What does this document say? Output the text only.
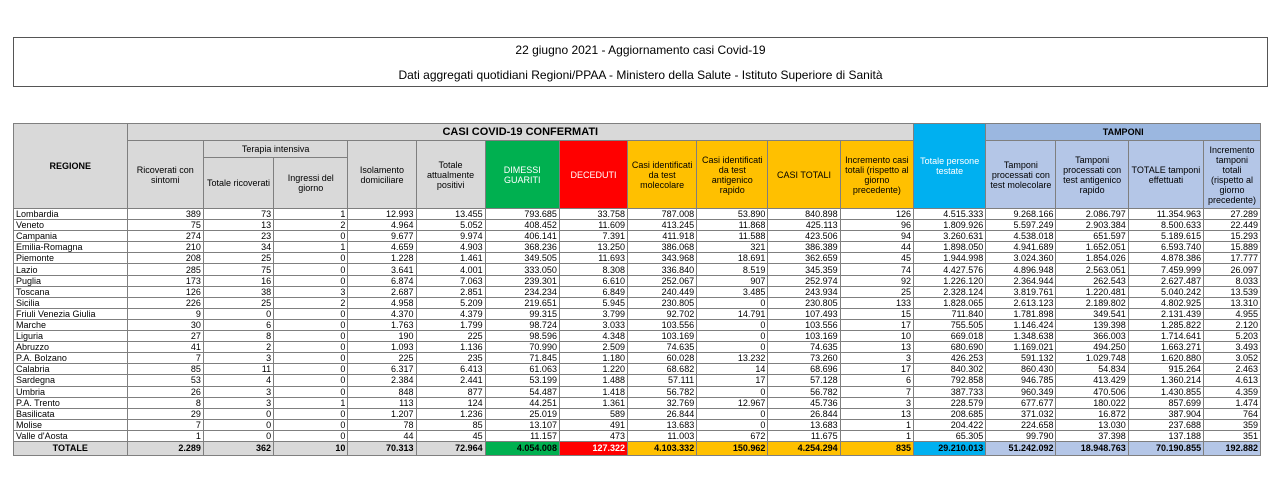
22 giugno 2021 - Aggiornamento casi Covid-19
Dati aggregati quotidiani Regioni/PPAA - Ministero della Salute - Istituto Superiore di Sanità
REGIONE	CASI COVID-19 CONFERMATI											Totale persone testate	TAMPONI			
	Ricoverati con sintomi	Terapia intensiva		Isolamento domiciliare	Totale attualmente positivi	DIMESSI GUARITI	DECEDUTI	Casi identificati da test molecolare	Casi identificati da test antigenico rapido	CASI TOTALI	Incremento casi totali (rispetto al giorno precedente)		Tamponi processati con test molecolare	Tamponi processati con test antigenico rapido	TOTALE tamponi effettuati	Incremento tamponi totali (rispetto al giorno precedente)
		Totale ricoverati	Ingressi del giorno													
Lombardia	389	73	1	12.993	13.455	793.685	33.758	787.008	53.890	840.898	126	4.515.333	9.268.166	2.086.797	11.354.963	27.289
Veneto	75	13	2	4.964	5.052	408.452	11.609	413.245	11.868	425.113	96	1.809.926	5.597.249	2.903.384	8.500.633	22.449
Campania	274	23	0	9.677	9.974	406.141	7.391	411.918	11.588	423.506	94	3.260.631	4.538.018	651.597	5.189.615	15.293
Emilia-Romagna	210	34	1	4.659	4.903	368.236	13.250	386.068	321	386.389	44	1.898.050	4.941.689	1.652.051	6.593.740	15.889
Piemonte	208	25	0	1.228	1.461	349.505	11.693	343.968	18.691	362.659	45	1.944.998	3.024.360	1.854.026	4.878.386	17.777
Lazio	285	75	0	3.641	4.001	333.050	8.308	336.840	8.519	345.359	74	4.427.576	4.896.948	2.563.051	7.459.999	26.097
Puglia	173	16	0	6.874	7.063	239.301	6.610	252.067	907	252.974	92	1.226.120	2.364.944	262.543	2.627.487	8.033
Toscana	126	38	3	2.687	2.851	234.234	6.849	240.449	3.485	243.934	25	2.328.124	3.819.761	1.220.481	5.040.242	13.539
Sicilia	226	25	2	4.958	5.209	219.651	5.945	230.805	0	230.805	133	1.828.065	2.613.123	2.189.802	4.802.925	13.310
Friuli Venezia Giulia	9	0	0	4.370	4.379	99.315	3.799	92.702	14.791	107.493	15	711.840	1.781.898	349.541	2.131.439	4.955
Marche	30	6	0	1.763	1.799	98.724	3.033	103.556	0	103.556	17	755.505	1.146.424	139.398	1.285.822	2.120
Liguria	27	8	0	190	225	98.596	4.348	103.169	0	103.169	10	669.018	1.348.638	366.003	1.714.641	5.203
Abruzzo	41	2	0	1.093	1.136	70.990	2.509	74.635	0	74.635	13	680.690	1.169.021	494.250	1.663.271	3.493
P.A. Bolzano	7	3	0	225	235	71.845	1.180	60.028	13.232	73.260	3	426.253	591.132	1.029.748	1.620.880	3.052
Calabria	85	11	0	6.317	6.413	61.063	1.220	68.682	14	68.696	17	840.302	860.430	54.834	915.264	2.463
Sardegna	53	4	0	2.384	2.441	53.199	1.488	57.111	17	57.128	6	792.858	946.785	413.429	1.360.214	4.613
Umbria	26	3	0	848	877	54.487	1.418	56.782	0	56.782	7	387.733	960.349	470.506	1.430.855	4.359
P.A. Trento	8	3	1	113	124	44.251	1.361	32.769	12.967	45.736	3	228.579	677.677	180.022	857.699	1.474
Basilicata	29	0	0	1.207	1.236	25.019	589	26.844	0	26.844	13	208.685	371.032	16.872	387.904	764
Molise	7	0	0	78	85	13.107	491	13.683	0	13.683	1	204.422	224.658	13.030	237.688	359
Valle d'Aosta	1	0	0	44	45	11.157	473	11.003	672	11.675	1	65.305	99.790	37.398	137.188	351
TOTALE	2.289	362	10	70.313	72.964	4.054.008	127.322	4.103.332	150.962	4.254.294	835	29.210.013	51.242.092	18.948.763	70.190.855	192.882
